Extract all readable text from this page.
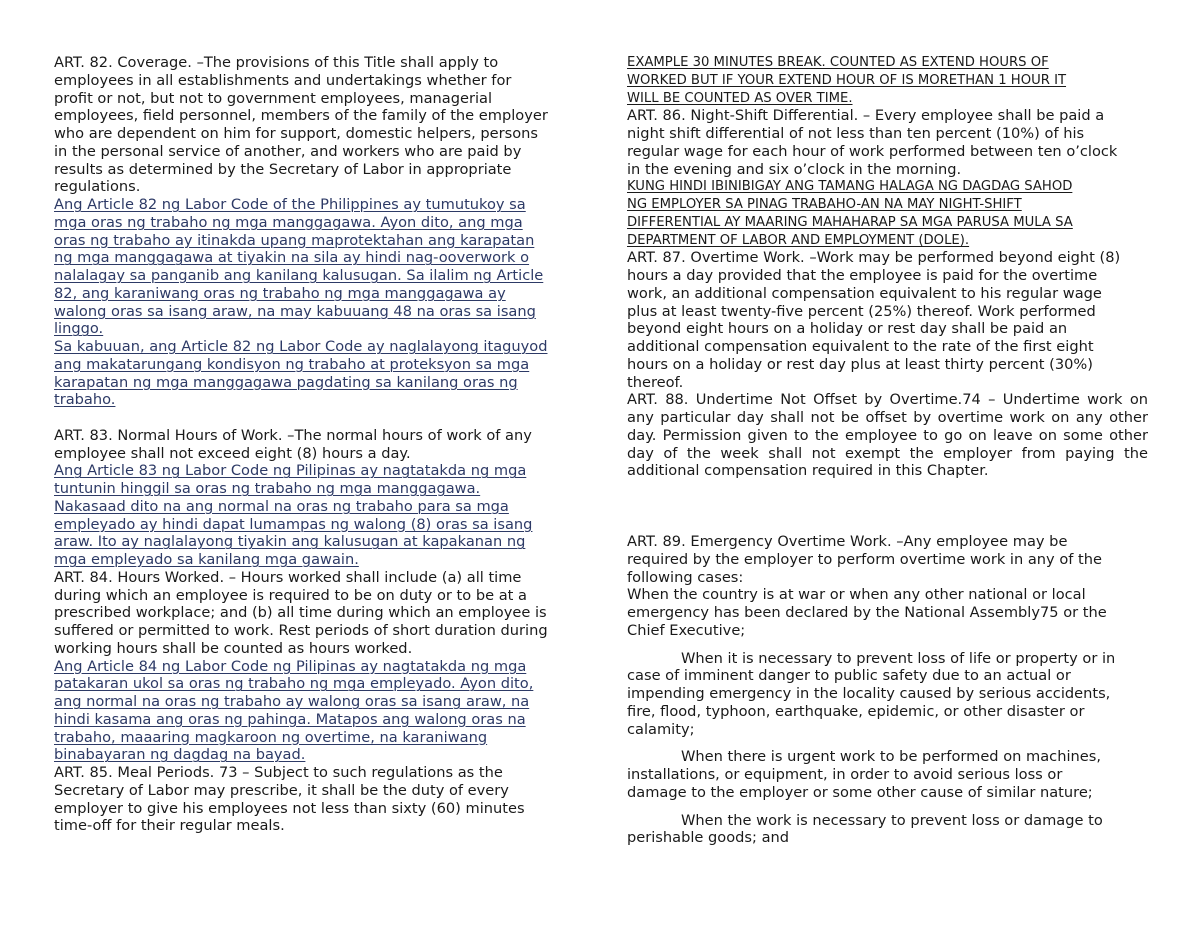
ART. 82. Coverage. –The provisions of this Title shall apply to
employees in all establishments and undertakings whether for
profit or not, but not to government employees, managerial
employees, field personnel, members of the family of the employer
who are dependent on him for support, domestic helpers, persons
in the personal service of another, and workers who are paid by
results as determined by the Secretary of Labor in appropriate
regulations.

Ang Article 82 ng Labor Code of the Philippines ay tumutukoy sa
mga oras ng trabaho ng mga manggagawa. Ayon dito, ang mga
oras ng trabaho ay itinakda upang maprotektahan ang karapatan
ng mga manggagawa at tiyakin na sila ay hindi nag-ooverwork o
nalalagay sa panganib ang kanilang kalusugan. Sa ilalim ng Article
82, ang karaniwang oras ng trabaho ng mga manggagawa ay
walong oras sa isang araw, na may kabuuang 48 na oras sa isang
linggo.

Sa kabuuan, ang Article 82 ng Labor Code ay naglalayong itaguyod
ang makatarungang kondisyon ng trabaho at proteksyon sa mga
karapatan ng mga manggagawa pagdating sa kanilang oras ng
trabaho.

ART. 83. Normal Hours of Work. –The normal hours of work of any
employee shall not exceed eight (8) hours a day.

Ang Article 83 ng Labor Code ng Pilipinas ay nagtatakda ng mga
tuntunin hinggil sa oras ng trabaho ng mga manggagawa.
Nakasaad dito na ang normal na oras ng trabaho para sa mga
empleyado ay hindi dapat lumampas ng walong (8) oras sa isang
araw. Ito ay naglalayong tiyakin ang kalusugan at kapakanan ng
mga empleyado sa kanilang mga gawain.

ART. 84. Hours Worked. – Hours worked shall include (a) all time
during which an employee is required to be on duty or to be at a
prescribed workplace; and (b) all time during which an employee is
suffered or permitted to work. Rest periods of short duration during
working hours shall be counted as hours worked.

Ang Article 84 ng Labor Code ng Pilipinas ay nagtatakda ng mga
patakaran ukol sa oras ng trabaho ng mga empleyado. Ayon dito,
ang normal na oras ng trabaho ay walong oras sa isang araw, na
hindi kasama ang oras ng pahinga. Matapos ang walong oras na
trabaho, maaaring magkaroon ng overtime, na karaniwang
binabayaran ng dagdag na bayad.

ART. 85. Meal Periods. 73 – Subject to such regulations as the
Secretary of Labor may prescribe, it shall be the duty of every
employer to give his employees not less than sixty (60) minutes
time-off for their regular meals.

EXAMPLE 30 MINUTES BREAK. COUNTED AS EXTEND HOURS OF
WORKED BUT IF YOUR EXTEND HOUR OF IS MORETHAN 1 HOUR IT
WILL BE COUNTED AS OVER TIME.

ART. 86. Night-Shift Differential. – Every employee shall be paid a
night shift differential of not less than ten percent (10%) of his
regular wage for each hour of work performed between ten o’clock
in the evening and six o’clock in the morning.

KUNG HINDI IBINIBIGAY ANG TAMANG HALAGA NG DAGDAG SAHOD
NG EMPLOYER SA PINAG TRABAHO-AN NA MAY NIGHT-SHIFT
DIFFERENTIAL AY MAARING MAHAHARAP SA MGA PARUSA MULA SA
DEPARTMENT OF LABOR AND EMPLOYMENT (DOLE).

ART. 87. Overtime Work. –Work may be performed beyond eight (8)
hours a day provided that the employee is paid for the overtime
work, an additional compensation equivalent to his regular wage
plus at least twenty-five percent (25%) thereof. Work performed
beyond eight hours on a holiday or rest day shall be paid an
additional compensation equivalent to the rate of the first eight
hours on a holiday or rest day plus at least thirty percent (30%)
thereof.

ART. 88. Undertime Not Offset by Overtime.74 – Undertime work on any particular day shall not be offset by overtime work on any other day. Permission given to the employee to go on leave on some other day of the week shall not exempt the employer from paying the additional compensation required in this Chapter.

ART. 89. Emergency Overtime Work. –Any employee may be
required by the employer to perform overtime work in any of the
following cases:
When the country is at war or when any other national or local
emergency has been declared by the National Assembly75 or the
Chief Executive;

When it is necessary to prevent loss of life or property or in
case of imminent danger to public safety due to an actual or
impending emergency in the locality caused by serious accidents,
fire, flood, typhoon, earthquake, epidemic, or other disaster or
calamity;

When there is urgent work to be performed on machines,
installations, or equipment, in order to avoid serious loss or
damage to the employer or some other cause of similar nature;

When the work is necessary to prevent loss or damage to
perishable goods; and
